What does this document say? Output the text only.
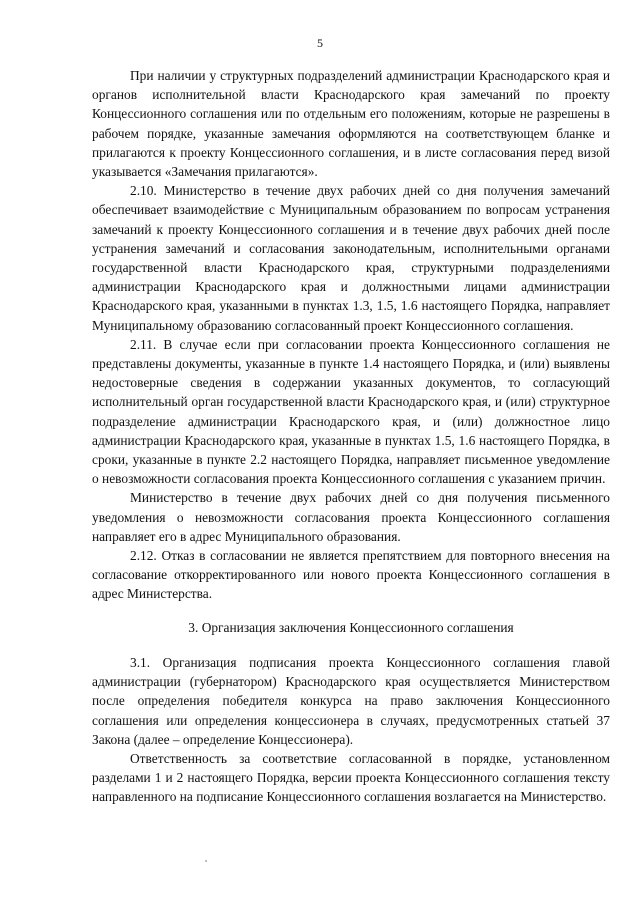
5

При наличии у структурных подразделений администрации Краснодарского края и органов исполнительной власти Краснодарского края замечаний по проекту Концессионного соглашения или по отдельным его положениям, которые не разрешены в рабочем порядке, указанные замечания оформляются на соответствующем бланке и прилагаются к проекту Концессионного соглашения, и в листе согласования перед визой указывается «Замечания прилагаются».

2.10. Министерство в течение двух рабочих дней со дня получения замечаний обеспечивает взаимодействие с Муниципальным образованием по вопросам устранения замечаний к проекту Концессионного соглашения и в течение двух рабочих дней после устранения замечаний и согласования законодательным, исполнительными органами государственной власти Краснодарского края, структурными подразделениями администрации Краснодарского края и должностными лицами администрации Краснодарского края, указанными в пунктах 1.3, 1.5, 1.6 настоящего Порядка, направляет Муниципальному образованию согласованный проект Концессионного соглашения.

2.11. В случае если при согласовании проекта Концессионного соглашения не представлены документы, указанные в пункте 1.4 настоящего Порядка, и (или) выявлены недостоверные сведения в содержании указанных документов, то согласующий исполнительный орган государственной власти Краснодарского края, и (или) структурное подразделение администрации Краснодарского края, и (или) должностное лицо администрации Краснодарского края, указанные в пунктах 1.5, 1.6 настоящего Порядка, в сроки, указанные в пункте 2.2 настоящего Порядка, направляет письменное уведомление о невозможности согласования проекта Концессионного соглашения с указанием причин.

Министерство в течение двух рабочих дней со дня получения письменного уведомления о невозможности согласования проекта Концессионного соглашения направляет его в адрес Муниципального образования.

2.12. Отказ в согласовании не является препятствием для повторного внесения на согласование откорректированного или нового проекта Концессионного соглашения в адрес Министерства.

3. Организация заключения Концессионного соглашения

3.1. Организация подписания проекта Концессионного соглашения главой администрации (губернатором) Краснодарского края осуществляется Министерством после определения победителя конкурса на право заключения Концессионного соглашения или определения концессионера в случаях, предусмотренных статьей 37 Закона (далее – определение Концессионера).

Ответственность за соответствие согласованной в порядке, установленном разделами 1 и 2 настоящего Порядка, версии проекта Концессионного соглашения тексту направленного на подписание Концессионного соглашения возлагается на Министерство.
